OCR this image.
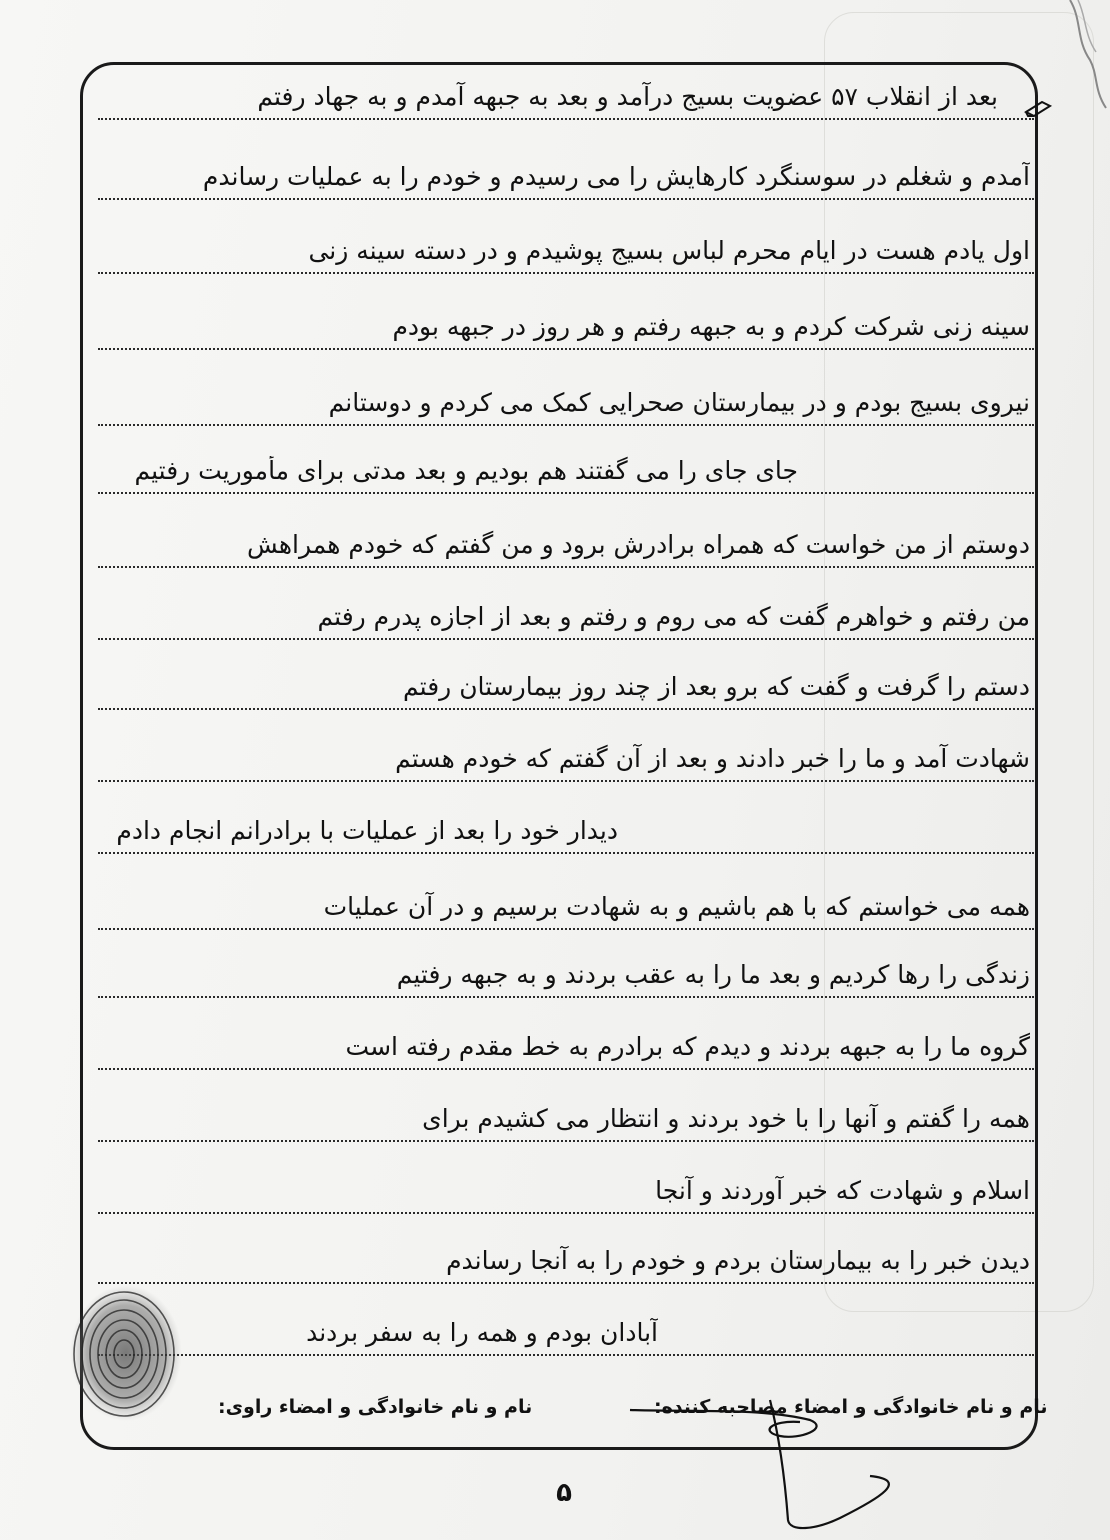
بعد از انقلاب ۵۷ عضویت بسیج درآمد و بعد به جبهه آمدم و به جهاد رفتم
آمدم و شغلم در سوسنگرد کارهایش را می رسیدم و خودم را به عملیات رساندم
اول یادم هست در ایام محرم لباس بسیج پوشیدم و در دسته سینه زنی
سینه زنی شرکت کردم و به جبهه رفتم و هر روز در جبهه بودم
نیروی بسیج بودم و در بیمارستان صحرایی کمک می کردم و دوستانم
جای جای را می گفتند هم بودیم و بعد مدتی برای مأموریت رفتیم
دوستم از من خواست که همراه برادرش برود و من گفتم که خودم همراهش
من رفتم و خواهرم گفت که می روم و رفتم و بعد از اجازه پدرم رفتم
دستم را گرفت و گفت که برو بعد از چند روز بیمارستان رفتم
شهادت آمد و ما را خبر دادند و بعد از آن گفتم که خودم هستم
دیدار خود را بعد از عملیات با برادرانم انجام دادم
همه می خواستم که با هم باشیم و به شهادت برسیم و در آن عملیات
زندگی را رها کردیم و بعد ما را به عقب بردند و به جبهه رفتیم
گروه ما را به جبهه بردند و دیدم که برادرم به خط مقدم رفته است
همه را گفتم و آنها را با خود بردند و انتظار می کشیدم برای
اسلام و شهادت که خبر آوردند و آنجا
دیدن خبر را به بیمارستان بردم و خودم را به آنجا رساندم
آبادان بودم و همه را به سفر بردند
نام و نام خانوادگی و امضاء مصاحبه کننده:
نام و نام خانوادگی و امضاء راوی:
۵
